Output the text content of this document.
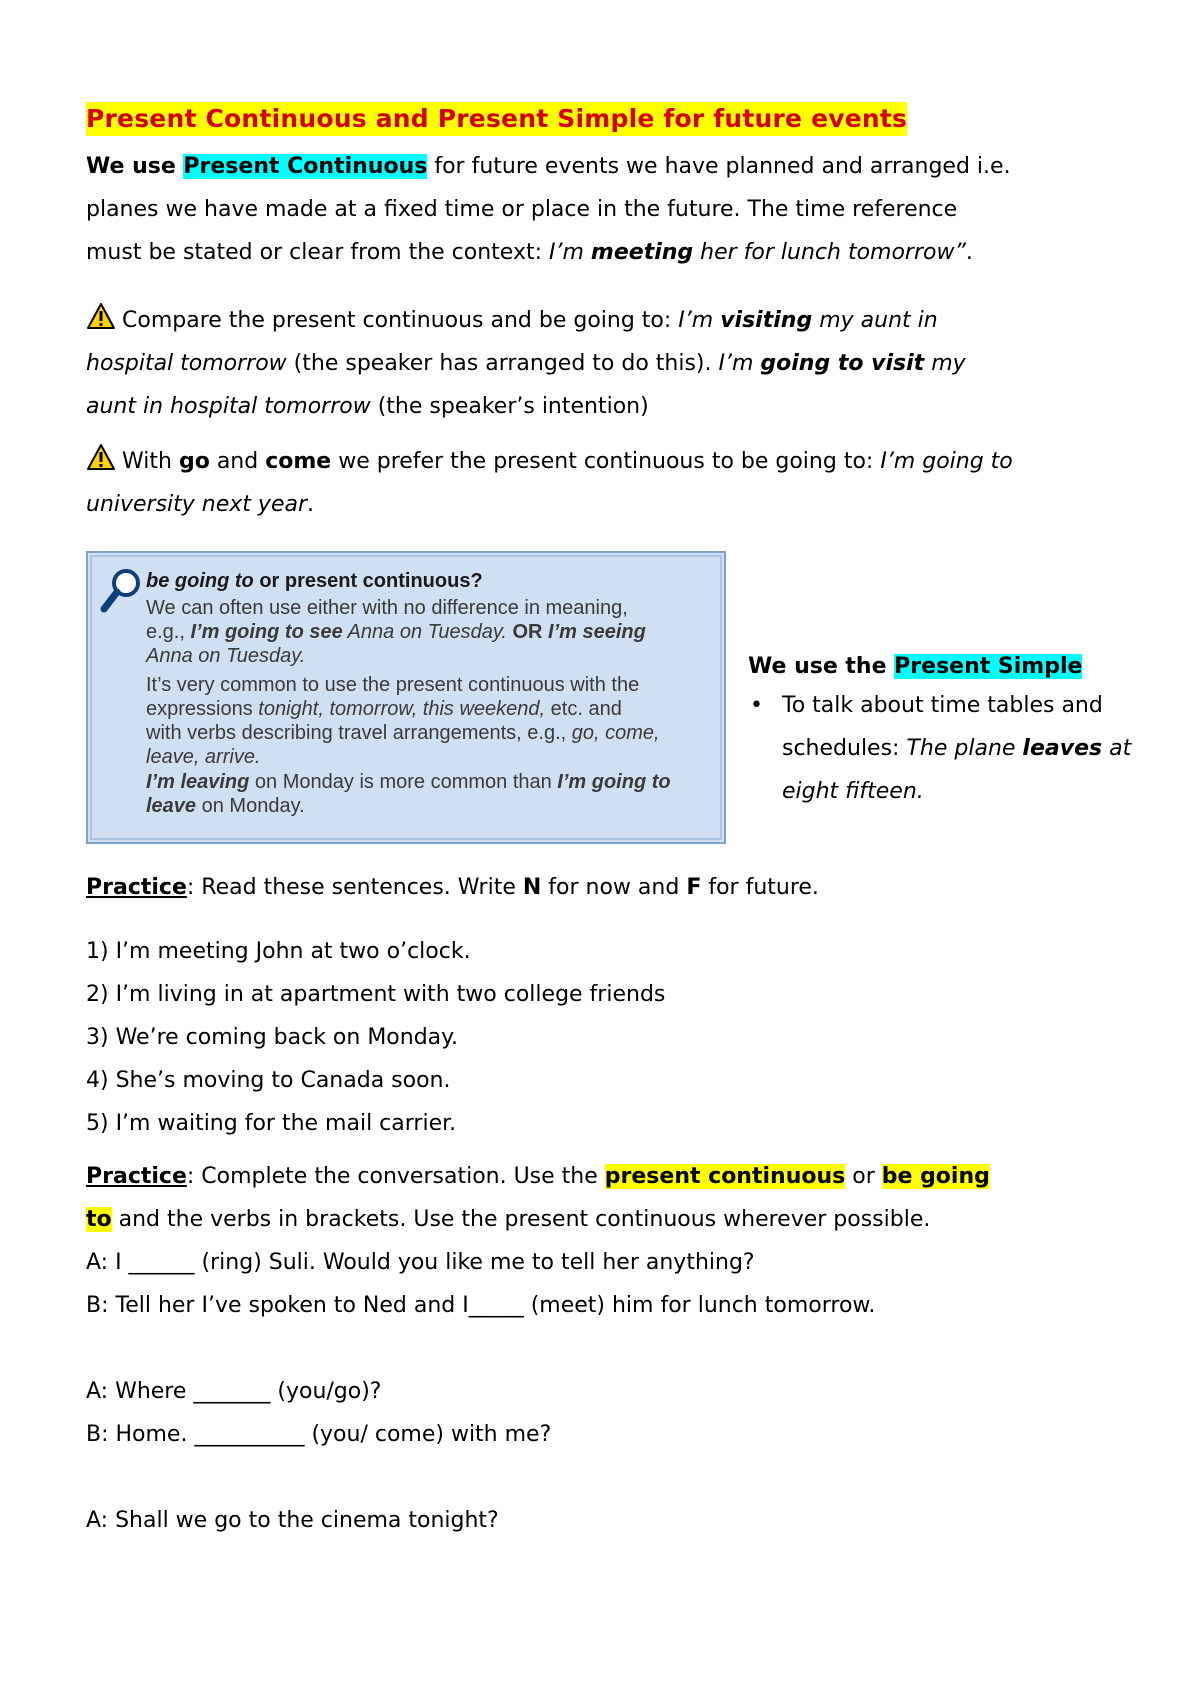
Present Continuous and Present Simple for future events
We use Present Continuous for future events we have planned and arranged i.e.
planes we have made at a fixed time or place in the future. The time reference
must be stated or clear from the context: I’m meeting her for lunch tomorrow”.
Compare the present continuous and be going to: I’m visiting my aunt in
hospital tomorrow (the speaker has arranged to do this). I’m going to visit my
aunt in hospital tomorrow (the speaker’s intention)
With go and come we prefer the present continuous to be going to: I’m going to
university next year.
be going to or present continuous?
We can often use either with no difference in meaning,
e.g., I’m going to see Anna on Tuesday. OR I’m seeing
Anna on Tuesday.
It’s very common to use the present continuous with the
expressions tonight, tomorrow, this weekend, etc. and
with verbs describing travel arrangements, e.g., go, come,
leave, arrive.
I’m leaving on Monday is more common than I’m going to
leave on Monday.
We use the Present Simple
• To talk about time tables and schedules: The plane leaves at eight fifteen.
Practice: Read these sentences. Write N for now and F for future.
1) I’m meeting John at two o’clock.
2) I’m living in at apartment with two college friends
3) We’re coming back on Monday.
4) She’s moving to Canada soon.
5) I’m waiting for the mail carrier.
Practice: Complete the conversation. Use the present continuous or be going
to and the verbs in brackets. Use the present continuous wherever possible.
A: I ______ (ring) Suli. Would you like me to tell her anything?
B: Tell her I’ve spoken to Ned and I_____ (meet) him for lunch tomorrow.
A: Where _______ (you/go)?
B: Home. __________ (you/ come) with me?
A: Shall we go to the cinema tonight?
